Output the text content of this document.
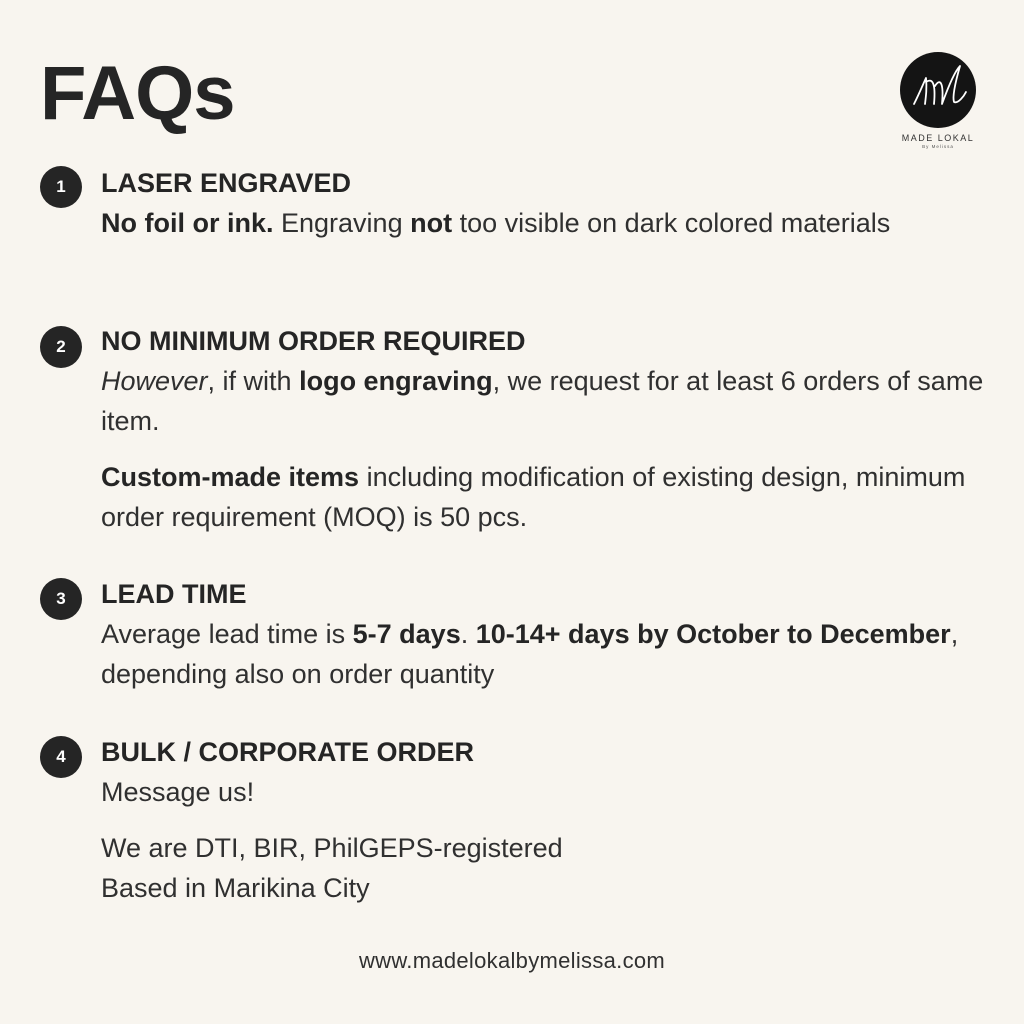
FAQs
MADE LOKAL
By Melissa
1	LASER ENGRAVED

No foil or ink. Engraving not too visible on dark colored materials

2	NO MINIMUM ORDER REQUIRED

However, if with logo engraving, we request for at least 6 orders of same item.

Custom-made items including modification of existing design, minimum order requirement (MOQ) is 50 pcs.

3	LEAD TIME

Average lead time is 5-7 days. 10-14+ days by October to December, depending also on order quantity

4	BULK / CORPORATE ORDER

Message us!

We are DTI, BIR, PhilGEPS-registered
Based in Marikina City

www.madelokalbymelissa.com
